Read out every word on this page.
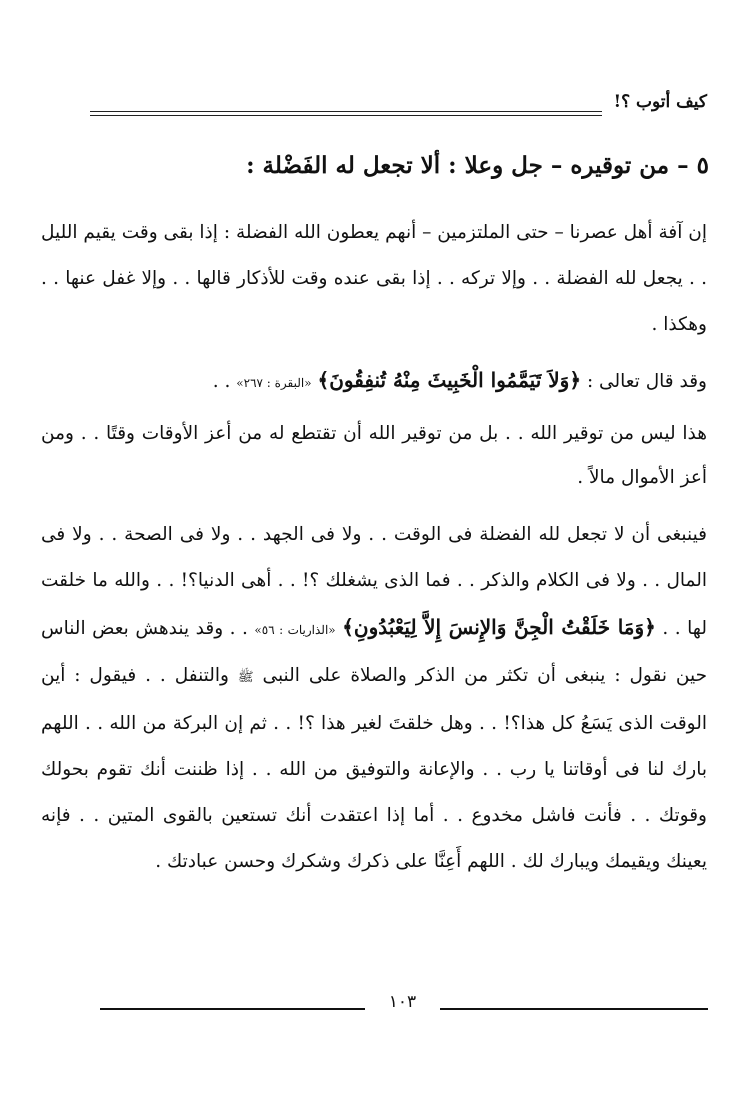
كيف أتوب ؟!
٥ – من توقيره – جل وعلا : ألا تجعل له الفَضْلة :

إن آفة أهل عصرنا – حتى الملتزمين – أنهم يعطون الله الفضلة : إذا بقى وقت يقيم الليل . . يجعل لله الفضلة . . وإلا تركه . . إذا بقى عنده وقت للأذكار قالها . . وإلا غفل عنها . . وهكذا .

وقد قال تعالى : ﴿وَلاَ تَيَمَّمُوا الْخَبِيثَ مِنْهُ تُنفِقُونَ﴾ «البقرة : ٢٦٧» . .

هذا ليس من توقير الله . . بل من توقير الله أن تقتطع له من أعز الأوقات وقتًا . . ومن أعز الأموال مالاً .

فينبغى أن لا تجعل لله الفضلة فى الوقت . . ولا فى الجهد . . ولا فى الصحة . . ولا فى المال . . ولا فى الكلام والذكر . . فما الذى يشغلك ؟! . . أهى الدنيا؟! . . والله ما خلقت لها . . ﴿وَمَا خَلَقْتُ الْجِنَّ وَالإِنسَ إِلاَّ لِيَعْبُدُونِ﴾ «الذاريات : ٥٦» . . وقد يندهش بعض الناس حين نقول : ينبغى أن تكثر من الذكر والصلاة على النبى ﷺ والتنفل . . فيقول : أين الوقت الذى يَسَعُ كل هذا؟! . . وهل خلقتَ لغير هذا ؟! . . ثم إن البركة من الله . . اللهم بارك لنا فى أوقاتنا يا رب . . والإعانة والتوفيق من الله . . إذا ظننت أنك تقوم بحولك وقوتك . . فأنت فاشل مخدوع . . أما إذا اعتقدت أنك تستعين بالقوى المتين . . فإنه يعينك ويقيمك ويبارك لك . اللهم أَعِنَّا على ذكرك وشكرك وحسن عبادتك .

١٠٣
